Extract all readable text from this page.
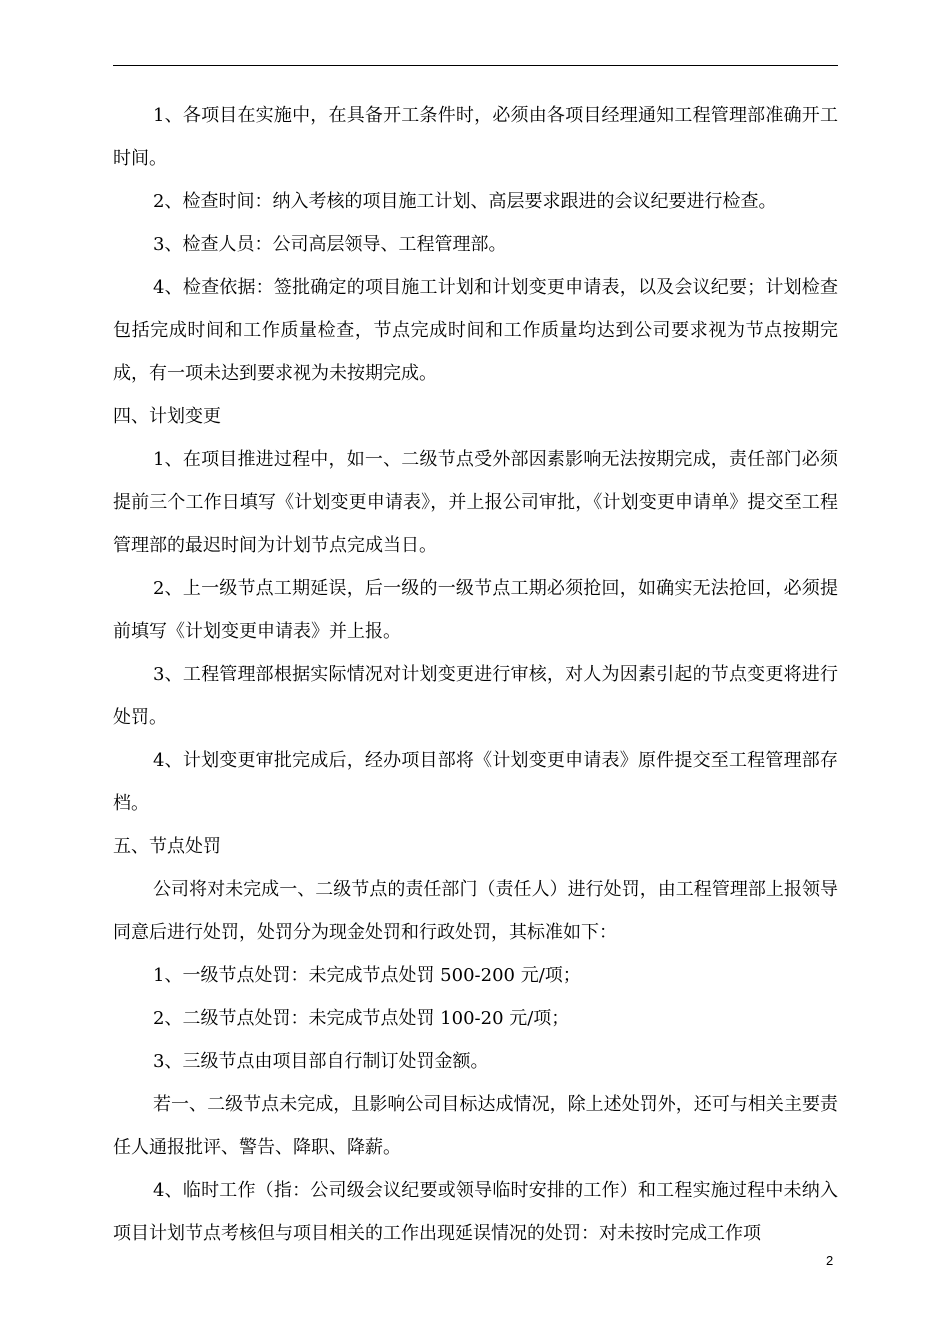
1、各项目在实施中，在具备开工条件时，必须由各项目经理通知工程管理部准确开工时间。

2、检查时间：纳入考核的项目施工计划、高层要求跟进的会议纪要进行检查。

3、检查人员：公司高层领导、工程管理部。

4、检查依据：签批确定的项目施工计划和计划变更申请表，以及会议纪要；计划检查包括完成时间和工作质量检查，节点完成时间和工作质量均达到公司要求视为节点按期完成，有一项未达到要求视为未按期完成。

四、计划变更

1、在项目推进过程中，如一、二级节点受外部因素影响无法按期完成，责任部门必须提前三个工作日填写《计划变更申请表》，并上报公司审批，《计划变更申请单》提交至工程管理部的最迟时间为计划节点完成当日。

2、上一级节点工期延误，后一级的一级节点工期必须抢回，如确实无法抢回，必须提前填写《计划变更申请表》并上报。

3、工程管理部根据实际情况对计划变更进行审核，对人为因素引起的节点变更将进行处罚。

4、计划变更审批完成后，经办项目部将《计划变更申请表》原件提交至工程管理部存档。

五、节点处罚

公司将对未完成一、二级节点的责任部门（责任人）进行处罚，由工程管理部上报领导同意后进行处罚，处罚分为现金处罚和行政处罚，其标准如下：

1、一级节点处罚：未完成节点处罚 500-200 元/项；

2、二级节点处罚：未完成节点处罚 100-20 元/项；

3、三级节点由项目部自行制订处罚金额。

若一、二级节点未完成，且影响公司目标达成情况，除上述处罚外，还可与相关主要责任人通报批评、警告、降职、降薪。

4、临时工作（指：公司级会议纪要或领导临时安排的工作）和工程实施过程中未纳入项目计划节点考核但与项目相关的工作出现延误情况的处罚：对未按时完成工作项

2
